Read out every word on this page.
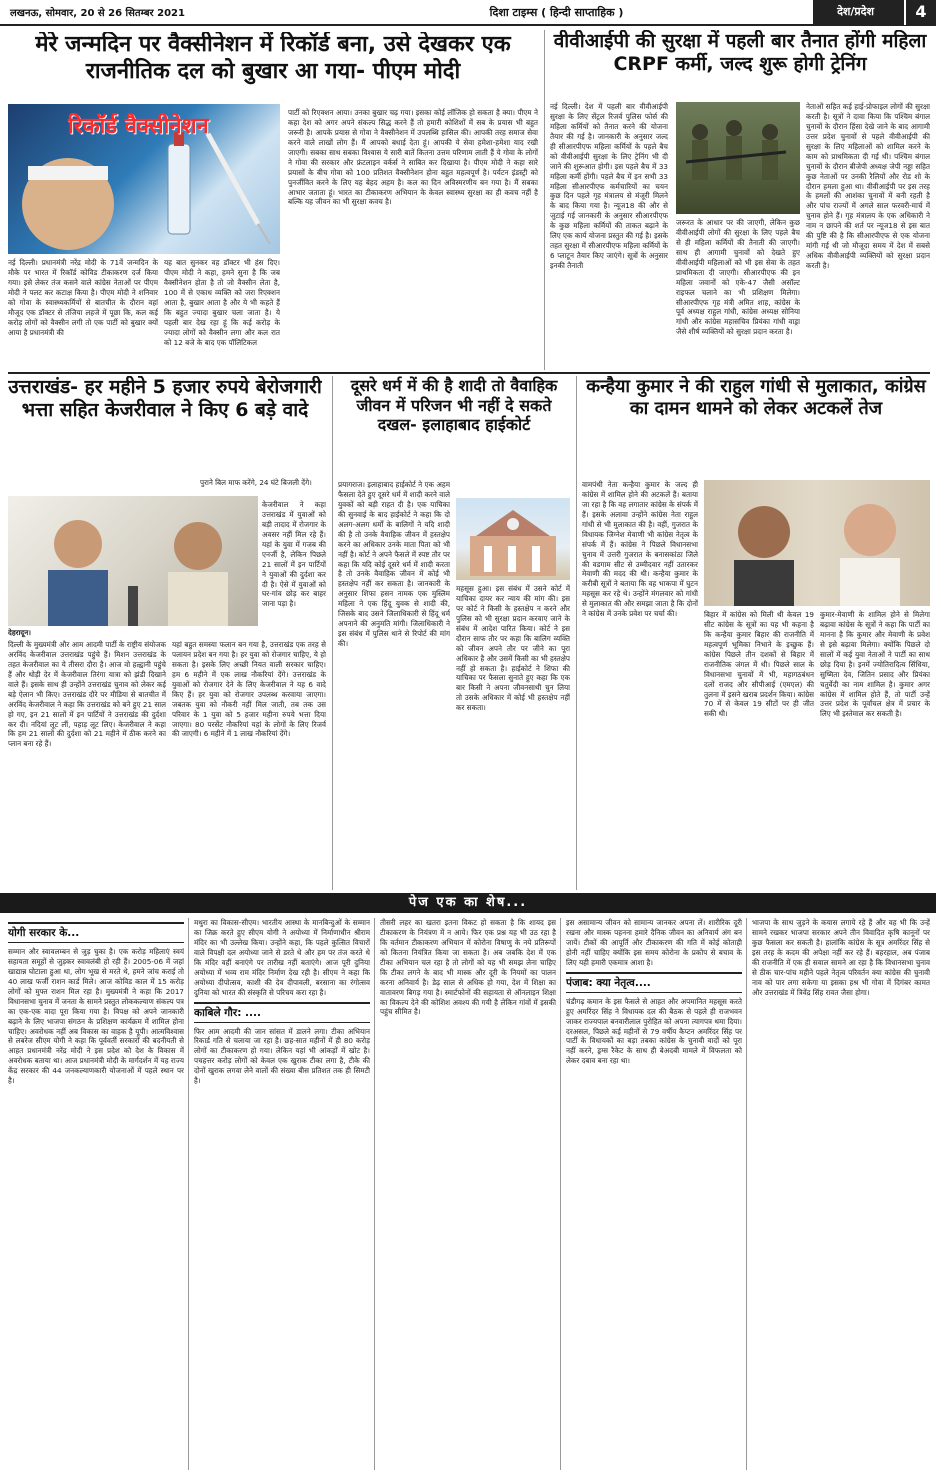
लखनऊ, सोमवार, 20 से 26 सितम्बर 2021	दिशा टाइम्स ( हिन्दी साप्ताहिक )	देश/प्रदेश	4
मेरे जन्मदिन पर वैक्सीनेशन में रिकॉर्ड बना, उसे देखकर एक राजनीतिक दल को बुखार आ गया- पीएम मोदी
रिकॉर्ड वैक्सीनेशन
नई दिल्ली। प्रधानमंत्री नरेंद्र मोदी के 71वें जन्मदिन के मौके पर भारत में रिकॉर्ड कोविड टीकाकरण दर्ज किया गया। इसे लेकर तंज कसने वाले कांग्रेस नेताओं पर पीएम मोदी ने पलट कर कटाक्ष किया है। पीएम मोदी ने शनिवार को गोवा के स्वास्थ्यकर्मियों से बातचीत के दौरान वहां मौजूद एक डॉक्टर से तंजिया लहजे में पूछा कि, कल कई करोड़ लोगों को वैक्सीन लगी तो एक पार्टी को बुखार क्यों आया है प्रधानमंत्री की
यह बात सुनकर वह डॉक्टर भी हंस दिए। पीएम मोदी ने कहा, हमने सुना है कि जब वैक्सीनेशन होता है तो जो वैक्सीन लेता है, 100 में से एकाध व्यक्ति को जरा रिएक्शन आता है, बुखार आता है और ये भी कहते हैं कि बहुत ज्यादा बुखार चला जाता है। ये पहली बार देख रहा हूं कि कई करोड़ के ज्यादा लोगों को वैक्सीन लगा और कल रात को 12 बजे के बाद एक पॉलिटिकल
पार्टी को रिएक्शन आया। उनका बुखार चढ़ गया। इसका कोई लॉजिक हो सकता है क्या। पीएम ने कहा देश को अगर अपने संकल्प सिद्ध करने हैं तो हमारी कोशिशों में सब के प्रयास भी बहुत जरूरी है। आपके प्रयास से गोवा ने वैक्सीनेशन में उपलब्धि हासिल की। आपकी तरह समाज सेवा करने वाले लाखों लोग हैं। मैं आपको बधाई देता हूं। आपकी ये सेवा हमेशा-हमेशा याद रखी जाएगी। सबका साथ सबका विश्वास ये सारी बातें कितना उत्तम परिणाम लाती हैं ये गोवा के लोगों ने गोवा की सरकार और फ्रंटलाइन वर्कर्स ने साबित कर दिखाया है। पीएम मोदी ने कहा सारे प्रयासों के बीच गोवा को 100 प्रतिशत वैक्सीनेशन होना बहुत महत्वपूर्ण है। पर्यटन इंडस्ट्री को पुनर्जीवित करने के लिए यह बेहद अहम है। कल का दिन अविस्मरणीय बन गया है। मैं सबका आभार जताता हूं। भारत का टीकाकरण अभियान के केवल स्वास्थ्य सुरक्षा का ही कवच नहीं है बल्कि यह जीवन का भी सुरक्षा कवच है।
वीवीआईपी की सुरक्षा में पहली बार तैनात होंगी महिला CRPF कर्मी, जल्द शुरू होगी ट्रेनिंग
नई दिल्ली। देश में पहली बार वीवीआईपी सुरक्षा के लिए सेंट्रल रिजर्व पुलिस फोर्स की महिला कर्मियों को तैनात करने की योजना तैयार की गई है। जानकारी के अनुसार जल्द ही सीआरपीएफ महिला कर्मियों के पहले बैच को वीवीआईपी सुरक्षा के लिए ट्रेनिंग भी दी जाने की शुरूआत होगी। इस पहले बैच में 33 महिला कर्मी होंगी। पहले बैच में इन सभी 33 महिला सीआरपीएफ कर्मचारियों का चयन कुछ दिन पहले गृह मंत्रालय से मंजूरी मिलने के बाद किया गया है। न्यूज18 की और से जुटाई गई जानकारी के अनुसार सीआरपीएफ के कुछ महिला कर्मियों की ताकत बढ़ाने के लिए एक कार्य योजना प्रस्तुत की गई है। इसके तहत सुरक्षा में सीआरपीएफ महिला कर्मियों के 6 प्लाटून तैयार किए जाएंगे। सूत्रों के अनुसार इनकी तैनाती
जरूरत के आधार पर की जाएगी, लेकिन कुछ वीवीआईपी लोगों की सुरक्षा के लिए पहले बैच से ही महिला कर्मियों की तैनाती की जाएगी। साथ ही आगामी चुनावों को देखते हुए वीवीआईपी महिलाओं को भी इस सेवा के तहत प्राथमिकता दी जाएगी। सीआरपीएफ की इन महिला जवानों को एके-47 जैसी असॉल्ट राइफल चलाने का भी प्रशिक्षण मिलेगा। सीआरपीएफ गृह मंत्री अमित शाह, कांग्रेस के पूर्व अध्यक्ष राहुल गांधी, कांग्रेस अध्यक्ष सोनिया गांधी और कांग्रेस महासचिव प्रियंका गांधी वाड्रा जैसे शीर्ष व्यक्तियों को सुरक्षा प्रदान करता है।
नेताओं सहित कई हाई-प्रोफाइल लोगों की सुरक्षा करती है। सूत्रों ने दावा किया कि पश्चिम बंगाल चुनावों के दौरान हिंसा देखे जाने के बाद आगामी उत्तर प्रदेश चुनावों से पहले वीवीआईपी की सुरक्षा के लिए महिलाओं को शामिल करने के काम को प्राथमिकता दी गई थी। पश्चिम बंगाल चुनावों के दौरान बीजेपी अध्यक्ष जेपी नड्डा सहित कुछ नेताओं पर उनकी रैलियों और रोड शो के दौरान हमला हुआ था। वीवीआईपी पर इस तरह के हमलों की आशंका चुनावों में बनी रहती है और पांच राज्यों में अगले साल फरवरी-मार्च में चुनाव होने हैं। गृह मंत्रालय के एक अधिकारी ने नाम न छापने की शर्त पर न्यूज18 से इस बात की पुष्टि की है कि सीआरपीएफ से एक योजना मांगी गई थी जो मौजूदा समय में देश में सबसे अधिक वीवीआईपी व्यक्तियों को सुरक्षा प्रदान करती है।
उत्तराखंड- हर महीने 5 हजार रुपये बेरोजगारी भत्ता सहित केजरीवाल ने किए 6 बड़े वादे
पुराने बिल माफ करेंगे, 24 घंटे बिजली देंगे।
केजरीवाल ने कहा उत्तराखंड में युवाओं को बड़ी तादाद में रोजगार के अवसर नहीं मिल रहे हैं। यहां के युवा में गजब की एनर्जी है, लेकिन पिछले 21 सालों में इन पार्टियों ने युवाओं की दुर्दशा कर दी है। ऐसे में युवाओं को घर-गांव छोड़ कर बाहर जाना पड़ा है।
देहरादून।
दिल्ली के मुख्यमंत्री और आम आदमी पार्टी के राष्ट्रीय संयोजक अरविंद केजरीवाल उत्तराखंड पहुंचे हैं। मिशन उत्तराखंड के तहत केजरीवाल का ये तीसरा दौरा है। आज वो हल्द्वानी पहुंचे हैं और थोड़ी देर में केजरीवाल तिरंगा यात्रा को झंडी दिखाने वाले हैं। इसके साथ ही उन्होंने उत्तराखंड चुनाव को लेकर कई बड़े ऐलान भी किए। उत्तराखंड दौरे पर मीडिया से बातचीत में अरविंद केजरीवाल ने कहा कि उत्तराखंड को बने हुए 21 साल हो गए, इन 21 सालों में इन पार्टियों ने उत्तराखंड की दुर्दशा कर दी। नदियां लूट लीं, पहाड़ लूट लिए। केजरीवाल ने कहा कि हम 21 सालों की दुर्दशा को 21 महीने में ठीक करने का प्लान बना रहे हैं।
यहां बहुत समस्या फलान बन गया है, उत्तराखंड एक तरह से पलायन प्रदेश बन गया है। हर युवा को रोजगार चाहिए, ये हो सकता है। इसके लिए अच्छी नियत वाली सरकार चाहिए। हम 6 महीने में एक लाख नौकरियां देंगे। उत्तराखंड के युवाओं को रोजगार देने के लिए केजरीवाल ने यह 6 वादे किए हैं। हर युवा को रोजगार उपलब्ध करवाया जाएगा। जबतक युवा को नौकरी नहीं मिल जाती, तब तक उस परिवार के 1 युवा को 5 हजार महीना रुपये भत्ता दिया जाएगा। 80 परसेंट नौकरियां यहां के लोगों के लिए रिजर्व की जाएगी। 6 महीने में 1 लाख नौकरियां देंगे।
दूसरे धर्म में की है शादी तो वैवाहिक जीवन में परिजन भी नहीं दे सकते दखल- इलाहाबाद हाईकोर्ट
प्रयागराज। इलाहाबाद हाईकोर्ट ने एक अहम फैसला देते हुए दूसरे धर्म में शादी करने वाले युवकों को बड़ी राहत दी है। एक याचिका की सुनवाई के बाद हाईकोर्ट ने कहा कि दो अलग-अलग धर्मों के बालिगों ने यदि शादी की है तो उनके वैवाहिक जीवन में हस्तक्षेप करने का अधिकार उनके माता पिता को भी नहीं है। कोर्ट ने अपने फैसले में स्पष्ट तौर पर कहा कि यदि कोई दूसरे धर्म में शादी करता है तो उनके वैवाहिक जीवन में कोई भी हस्तक्षेप नहीं कर सकता है। जानकारी के अनुसार शिफा हसन नामक एक मुस्लिम महिला ने एक हिंदू युवक से शादी की, जिसके बाद उसने जिलाधिकारी से हिंदू धर्म अपनाने की अनुमति मांगी। जिलाधिकारी ने इस संबंध में पुलिस थाने से रिपोर्ट की मांग की।
महसूस हुआ। इस संबंध में उसने कोर्ट में याचिका दायर कर न्याय की मांग की। इस पर कोर्ट ने किसी के हस्तक्षेप न करने और पुलिस को भी सुरक्षा प्रदान करवाए जाने के संबंध में आदेश पारित किया। कोर्ट ने इस दौरान साफ तौर पर कहा कि बालिग व्यक्ति को जीवन अपने तौर पर जीने का पूरा अधिकार है और उसमें किसी का भी हस्तक्षेप नहीं हो सकता है। हाईकोर्ट ने शिफा की याचिका पर फैसला सुनाते हुए कहा कि एक बार किसी ने अपना जीवनसाथी चुन लिया तो उसके अधिकार में कोई भी हस्तक्षेप नहीं कर सकता।
कन्हैया कुमार ने की राहुल गांधी से मुलाकात, कांग्रेस का दामन थामने को लेकर अटकलें तेज
वामपंथी नेता कन्हैया कुमार के जल्द ही कांग्रेस में शामिल होने की अटकलें हैं। बताया जा रहा है कि वह लगातार कांग्रेस के संपर्क में हैं। इसके अलावा उन्होंने कांग्रेस नेता राहुल गांधी से भी मुलाकात की है। वहीं, गुजरात के विधायक जिग्नेश मेवाणी भी कांग्रेस नेतृत्व के संपर्क में हैं। कांग्रेस ने पिछले विधानसभा चुनाव में उत्तरी गुजरात के बनासकांठा जिले की वडगाम सीट से उम्मीदवार नहीं उतारकर मेवाणी की मदद की थी। कन्हैया कुमार के करीबी सूत्रों ने बताया कि वह भाकपा में घुटन महसूस कर रहे थे। उन्होंने मंगलवार को गांधी से मुलाकात की और समझा जाता है कि दोनों ने कांग्रेस में उनके प्रवेश पर चर्चा की।	बिहार में कांग्रेस को मिली थी केवल 19 सीट कांग्रेस के सूत्रों का यह भी कहना है कि कन्हैया कुमार बिहार की राजनीति में महत्वपूर्ण भूमिका निभाने के इच्छुक हैं। कांग्रेस पिछले तीन दशकों से बिहार में राजनीतिक जंगल में थी। पिछले साल के विधानसभा चुनावों में भी, महागठबंधन दलों राजद और सीपीआई (एमएल) की तुलना में इसने खराब प्रदर्शन किया। कांग्रेस 70 में से केवल 19 सीटों पर ही जीत सकी थी।
कुमार-मेवाणी के शामिल होने से मिलेगा बढ़ावा कांग्रेस के सूत्रों ने कहा कि पार्टी का मानना है कि कुमार और मेवाणी के प्रवेश से इसे बढ़ावा मिलेगा। क्योंकि पिछले दो सालों में कई युवा नेताओं ने पार्टी का साथ छोड़ दिया है। इनमें ज्योतिरादित्य सिंधिया, सुष्मिता देव, जितिन प्रसाद और प्रियंका चतुर्वेदी का नाम शामिल है। कुमार अगर कांग्रेस में शामिल होते हैं, तो पार्टी उन्हें उत्तर प्रदेश के पूर्वांचल क्षेत्र में प्रचार के लिए भी इस्तेमाल कर सकती है।
पेज एक का शेष...
योगी सरकार के...
सम्मान और स्वावलम्बन से जुड़ चुका है। एक करोड़ महिलाएं स्वयं सहायता समूहों से जुड़कर स्वावलंबी हो रही हैं। 2005-06 में जहां खाद्यान्न घोटाला हुआ था, लोग भूख से मरते थे, हमने जांच कराई तो 40 लाख फर्जी राशन कार्ड मिले। आज कोविड काल में 15 करोड़ लोगों को मुफ्त राशन मिल रहा है। मुख्यमंत्री ने कहा कि 2017 विधानसभा चुनाव में जनता के सामने प्रस्तुत लोककल्याण संकल्प पत्र का एक-एक वादा पूरा किया गया है। विपक्ष को अपने जानकारी बढ़ाने के लिए भाजपा संगठन के प्रशिक्षण कार्यक्रम में शामिल होना चाहिए। अवरोधक नहीं अब विकास का वाहक है यूपी। आत्मविश्वास से लबरेज सीएम योगी ने कहा कि पूर्ववर्ती सरकारों की बदनीयती से आहत प्रधानमंत्री नरेंद्र मोदी ने इस प्रदेश को देश के विकास में अवरोधक बताया था। आज प्रधानमंत्री मोदी के मार्गदर्शन में यह राज्य केंद्र सरकार की 44 जनकल्याणकारी योजनाओं में पहले स्थान पर है।
मथुरा का विकास-सीएम। भारतीय आस्था के मानबिन्दुओं के सम्मान का जिक्र करते हुए सीएम योगी ने अयोध्या में निर्माणाधीन श्रीराम मंदिर का भी उल्लेख किया। उन्होंने कहा, कि पहले कुत्सित विचारों वाले विपक्षी दल अयोध्या जाने से डरते थे और हम पर तंज करते थे कि मंदिर वहीं बनाएंगे पर तारीख नहीं बताएंगे। आज पूरी दुनिया अयोध्या में भव्य राम मंदिर निर्माण देख रही है। सीएम ने कहा कि अयोध्या दीपोत्सव, काशी की देव दीपावली, बरसाना का रंगोत्सव दुनिया को भारत की संस्कृति से परिचय करा रहा है।
काबिले गौर: ....
फिर आम आदमी की जान सांसत में डालने लगा। टीका अभियान रिकार्ड गति से चलाया जा रहा है। छह-सात महीनों में ही 80 करोड़ लोगों का टीकाकरण हो गया। लेकिन यहां भी आंकड़ों में खोट है। पचहत्तर करोड़ लोगों को केवल एक खुराक टीका लगा है, टीके की दोनों खुराक लगवा लेने वालों की संख्या बीस प्रतिशत तक ही सिमटी है।
तीसरी लहर का खतरा इतना विकट हो सकता है कि शायद इस टीकाकरण के नियंत्रण में न आये। फिर एक प्रश्न यह भी उठ रहा है कि वर्तमान टीकाकरण अभियान में कोरोना विषाणु के नये प्रतिरूपों को कितना नियंत्रित किया जा सकता है। अब जबकि देश में एक टीका अभियान चल रहा है तो लोगों को यह भी समझ लेना चाहिए कि टीका लगने के बाद भी मास्क और दूरी के नियमों का पालन करना अनिवार्य है। डेढ़ साल से अधिक हो गया, देश में शिक्षा का वातावरण बिगड़ गया है। स्मार्टफोनों की सहायता से ऑनलाइन शिक्षा का विकल्प देने की कोशिश अवश्य की गयी है लेकिन गांवों में इसकी पहुंच सीमित है।
इस असामान्य जीवन को सामान्य जानकर अपना लें। शारीरिक दूरी रखना और मास्क पहनना हमारे दैनिक जीवन का अनिवार्य अंग बन जायें। टीकों की आपूर्ति और टीकाकरण की गति में कोई कोताही होनी नहीं चाहिए क्योंकि इस समय कोरोना के प्रकोप से बचाव के लिए यही हमारी एकमात्र आशा है।
पंजाब: क्या नेतृत्व....
चंडीगढ़ कमान के इस फैसले से आहत और अपमानित महसूस करते हुए अमरिंदर सिंह ने विधायक दल की बैठक से पहले ही राजभवन जाकर राज्यपाल बनवारीलाल पुरोहित को अपना त्यागपत्र थमा दिया। दरअसल, पिछले कई महीनों से 79 वर्षीय कैप्टन अमरिंदर सिंह पर पार्टी के विधायकों का बड़ा तबका कांग्रेस के चुनावी वादों को पूरा नहीं करने, ड्रग्स रैकेट के साथ ही बेअदबी मामले में विफलता को लेकर दबाव बना रहा था।
भाजपा के साथ जुड़ने के कयास लगाये रहे हैं और वह भी कि उन्हें सामने रखकर भाजपा सरकार अपने तीन विवादित कृषि कानूनों पर कुछ फैसला कर सकती है। हालांकि कांग्रेस के सूत्र अमरिंदर सिंह से इस तरह के कदम की अपेक्षा नहीं कर रहे हैं। बहरहाल, अब पंजाब की राजनीति में एक ही सवाल सामने आ रहा है कि विधानसभा चुनाव से ठीक चार-पांच महीने पहले नेतृत्व परिवर्तन क्या कांग्रेस की चुनावी नाव को पार लगा सकेगा या इसका हश्र भी गोवा में दिगंबर कामत और उत्तराखंड में त्रिवेंद्र सिंह रावत जैसा होगा।
